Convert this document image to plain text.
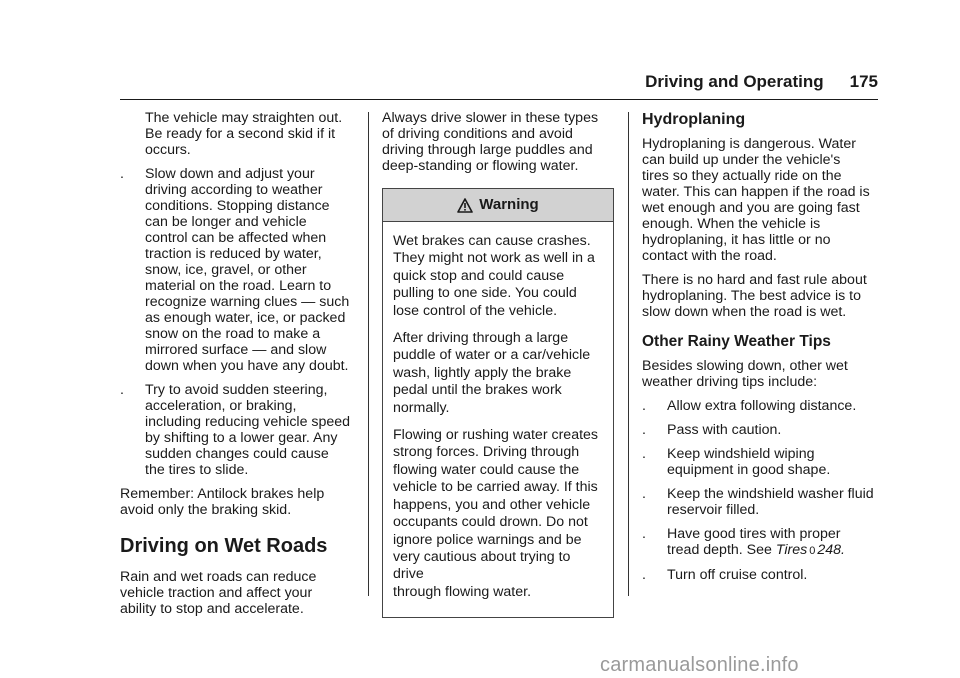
Driving and Operating 175

The vehicle may straighten out.
Be ready for a second skid if it
occurs.

. Slow down and adjust your
driving according to weather
conditions. Stopping distance
can be longer and vehicle
control can be affected when
traction is reduced by water,
snow, ice, gravel, or other
material on the road. Learn to
recognize warning clues — such
as enough water, ice, or packed
snow on the road to make a
mirrored surface — and slow
down when you have any doubt.

. Try to avoid sudden steering,
acceleration, or braking,
including reducing vehicle speed
by shifting to a lower gear. Any
sudden changes could cause
the tires to slide.

Remember: Antilock brakes help
avoid only the braking skid.

Driving on Wet Roads

Rain and wet roads can reduce
vehicle traction and affect your
ability to stop and accelerate.

Always drive slower in these types
of driving conditions and avoid
driving through large puddles and
deep-standing or flowing water.

Warning

Wet brakes can cause crashes.
They might not work as well in a
quick stop and could cause
pulling to one side. You could
lose control of the vehicle.

After driving through a large
puddle of water or a car/vehicle
wash, lightly apply the brake
pedal until the brakes work
normally.

Flowing or rushing water creates
strong forces. Driving through
flowing water could cause the
vehicle to be carried away. If this
happens, you and other vehicle
occupants could drown. Do not
ignore police warnings and be
very cautious about trying to drive
through flowing water.

Hydroplaning

Hydroplaning is dangerous. Water
can build up under the vehicle's
tires so they actually ride on the
water. This can happen if the road is
wet enough and you are going fast
enough. When the vehicle is
hydroplaning, it has little or no
contact with the road.

There is no hard and fast rule about
hydroplaning. The best advice is to
slow down when the road is wet.

Other Rainy Weather Tips

Besides slowing down, other wet
weather driving tips include:

. Allow extra following distance.

. Pass with caution.

. Keep windshield wiping
equipment in good shape.

. Keep the windshield washer fluid
reservoir filled.

. Have good tires with proper
tread depth. See Tires 0 248.

. Turn off cruise control.

carmanualsonline.info
